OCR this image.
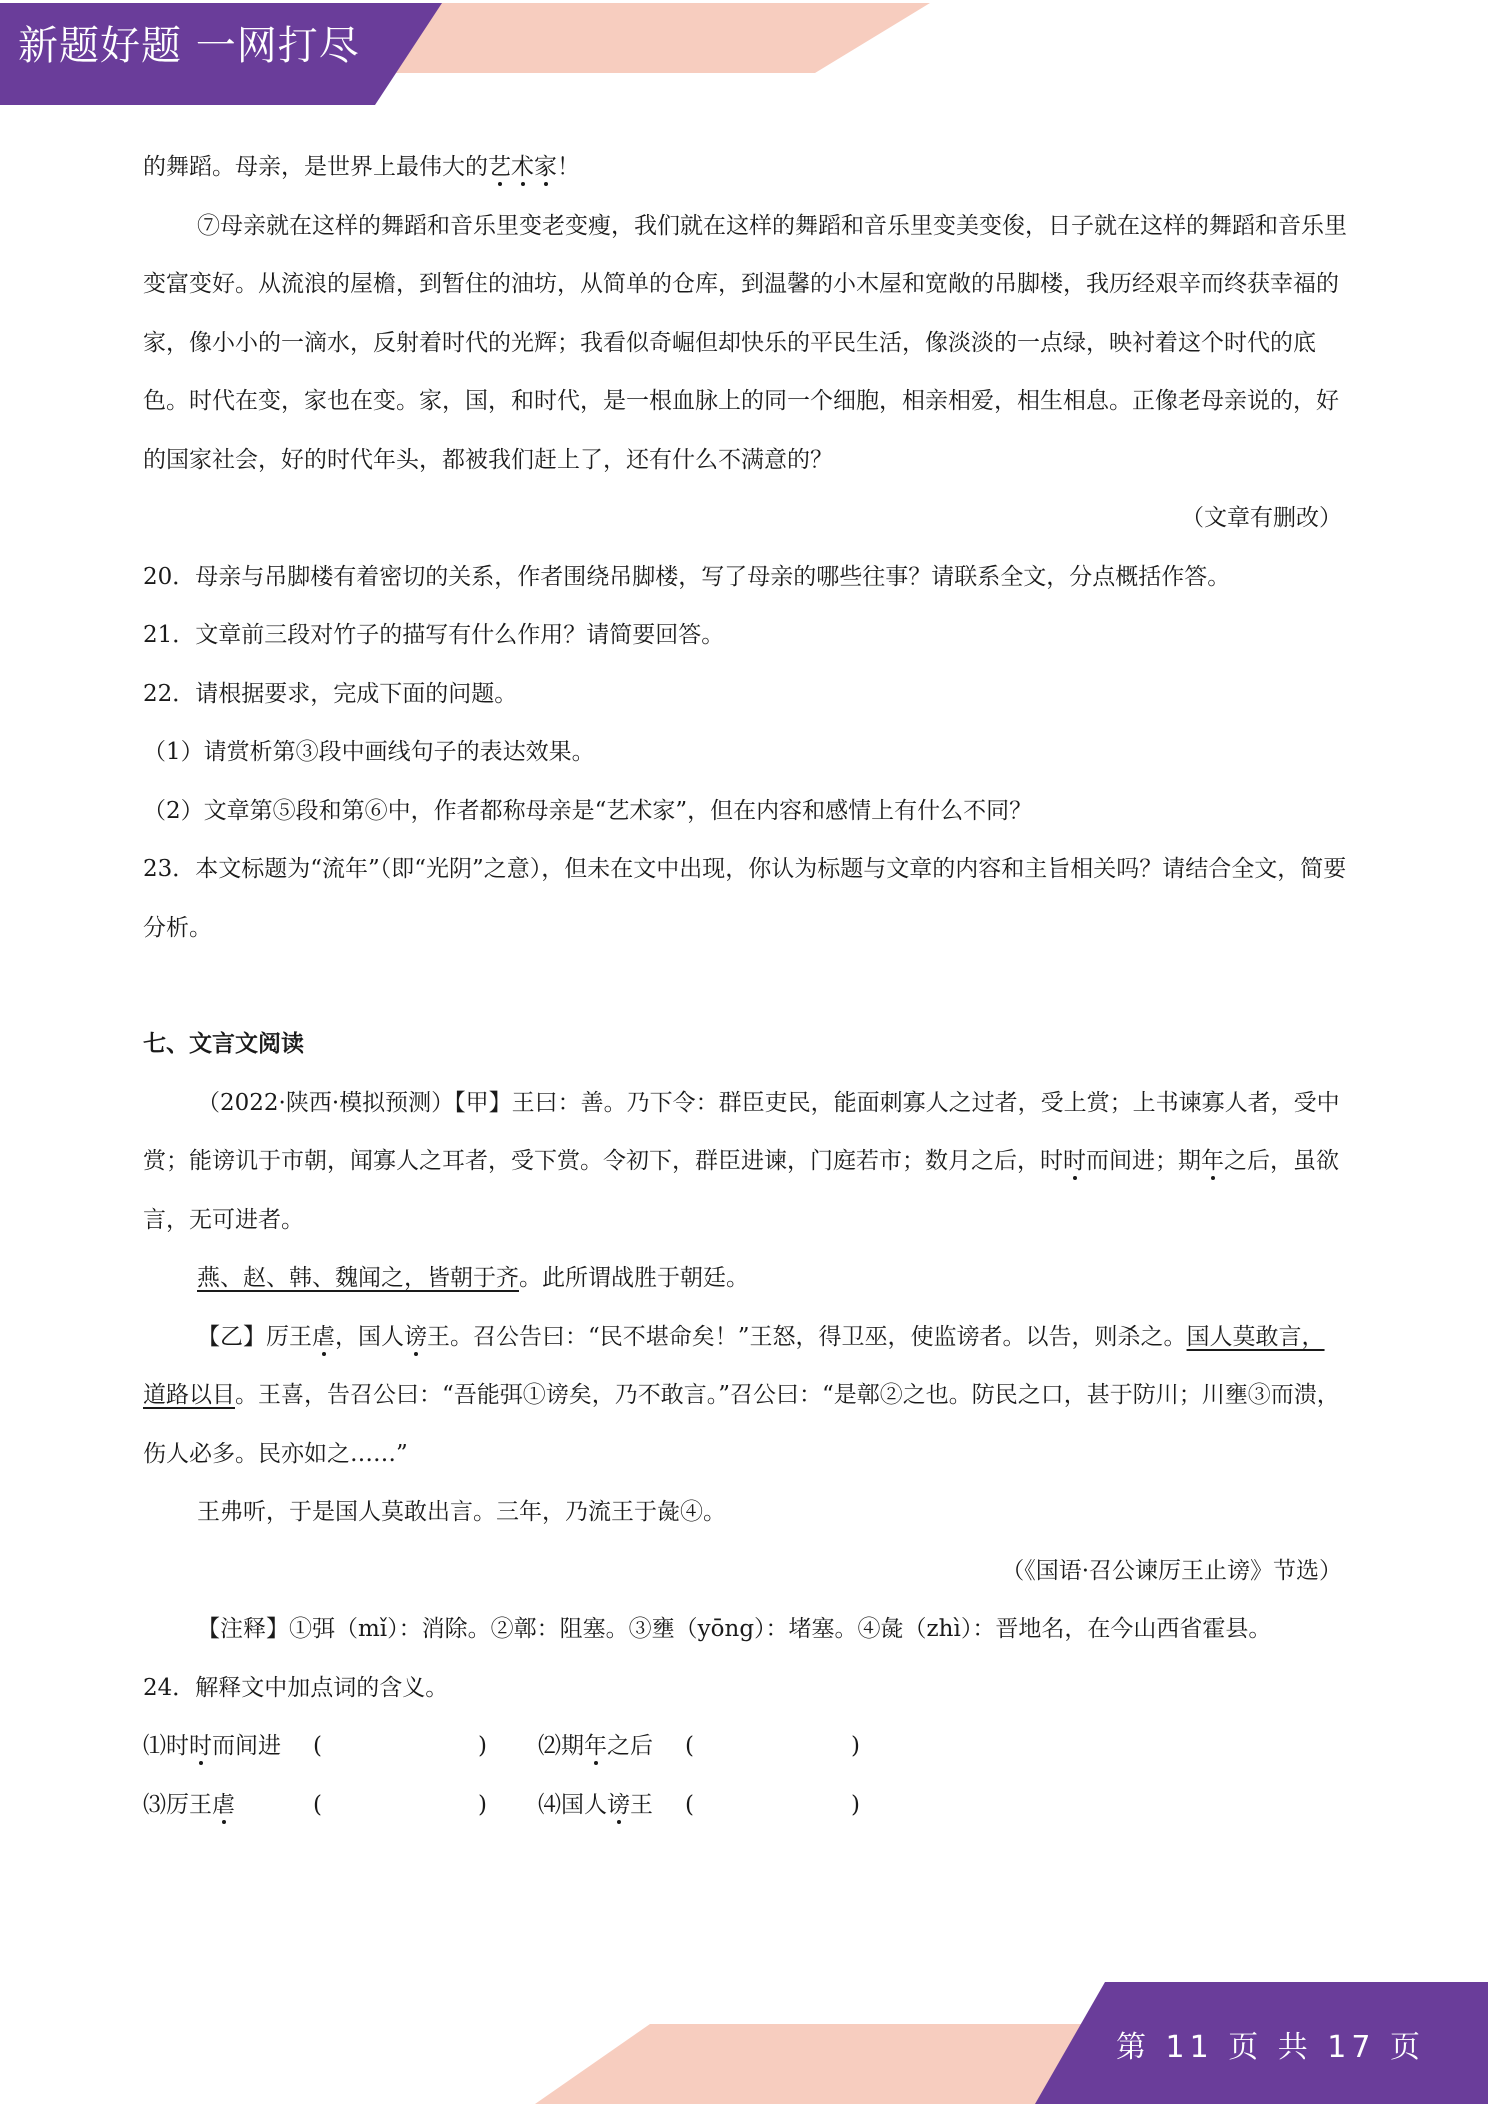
新题好题 一网打尽

的舞蹈。母亲，是世界上最伟大的艺术家！

⑦母亲就在这样的舞蹈和音乐里变老变瘦，我们就在这样的舞蹈和音乐里变美变俊，日子就在这样的舞蹈和音乐里变富变好。从流浪的屋檐，到暂住的油坊，从简单的仓库，到温馨的小木屋和宽敞的吊脚楼，我历经艰辛而终获幸福的家，像小小的一滴水，反射着时代的光辉；我看似奇崛但却快乐的平民生活，像淡淡的一点绿，映衬着这个时代的底色。时代在变，家也在变。家，国，和时代，是一根血脉上的同一个细胞，相亲相爱，相生相息。正像老母亲说的，好的国家社会，好的时代年头，都被我们赶上了，还有什么不满意的？

（文章有删改）

20．母亲与吊脚楼有着密切的关系，作者围绕吊脚楼，写了母亲的哪些往事？请联系全文，分点概括作答。

21．文章前三段对竹子的描写有什么作用？请简要回答。

22．请根据要求，完成下面的问题。

（1）请赏析第③段中画线句子的表达效果。

（2）文章第⑤段和第⑥中，作者都称母亲是“艺术家”，但在内容和感情上有什么不同？

23．本文标题为“流年”（即“光阴”之意），但未在文中出现，你认为标题与文章的内容和主旨相关吗？请结合全文，简要分析。

七、文言文阅读

（2022·陕西·模拟预测）【甲】王曰：善。乃下令：群臣吏民，能面刺寡人之过者，受上赏；上书谏寡人者，受中赏；能谤讥于市朝，闻寡人之耳者，受下赏。令初下，群臣进谏，门庭若市；数月之后，时时而间进；期年之后，虽欲言，无可进者。

燕、赵、韩、魏闻之，皆朝于齐。此所谓战胜于朝廷。

【乙】厉王虐，国人谤王。召公告曰：“民不堪命矣！”王怒，得卫巫，使监谤者。以告，则杀之。国人莫敢言，道路以目。王喜，告召公曰：“吾能弭①谤矣，乃不敢言。”召公曰：“是鄣②之也。防民之口，甚于防川；川壅③而溃，伤人必多。民亦如之……”

王弗听，于是国人莫敢出言。三年，乃流王于彘④。

（《国语·召公谏厉王止谤》节选）

【注释】①弭（mǐ）：消除。②鄣：阻塞。③壅（yōng）：堵塞。④彘（zhì）：晋地名，在今山西省霍县。

24．解释文中加点词的含义。

⑴时时而间进 (	) ⑵期年之后 (	)
⑶厉王虐	(	) ⑷国人谤王 (	)
第 11 页 共 17 页
